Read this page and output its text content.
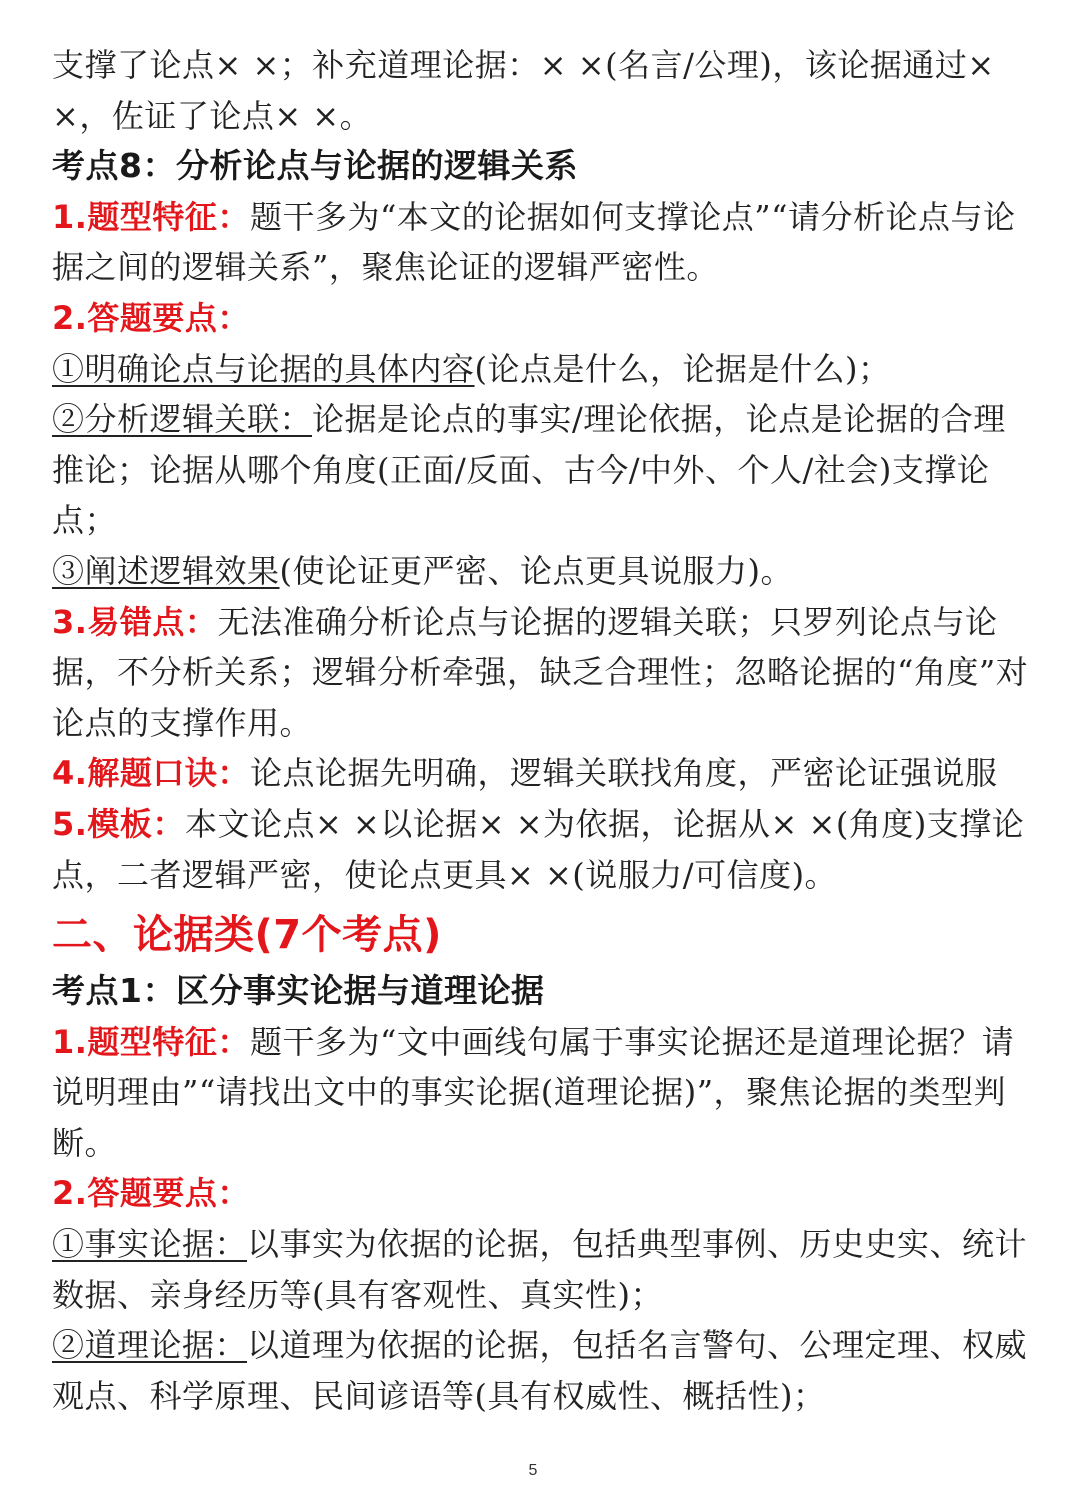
支撑了论点× ×；补充道理论据：× ×(名言/公理)，该论据通过× ×，佐证了论点× ×。

考点8：分析论点与论据的逻辑关系

1.题型特征：题干多为“本文的论据如何支撑论点”“请分析论点与论据之间的逻辑关系”，聚焦论证的逻辑严密性。

2.答题要点：

①明确论点与论据的具体内容(论点是什么，论据是什么)；

②分析逻辑关联：论据是论点的事实/理论依据，论点是论据的合理推论；论据从哪个角度(正面/反面、古今/中外、个人/社会)支撑论点；

③阐述逻辑效果(使论证更严密、论点更具说服力)。

3.易错点：无法准确分析论点与论据的逻辑关联；只罗列论点与论据，不分析关系；逻辑分析牵强，缺乏合理性；忽略论据的“角度”对论点的支撑作用。

4.解题口诀：论点论据先明确，逻辑关联找角度，严密论证强说服

5.模板：本文论点× ×以论据× ×为依据，论据从× ×(角度)支撑论点，二者逻辑严密，使论点更具× ×(说服力/可信度)。

二、论据类(7个考点)

考点1：区分事实论据与道理论据

1.题型特征：题干多为“文中画线句属于事实论据还是道理论据？请说明理由”“请找出文中的事实论据(道理论据)”，聚焦论据的类型判断。

2.答题要点：

①事实论据：以事实为依据的论据，包括典型事例、历史史实、统计数据、亲身经历等(具有客观性、真实性)；

②道理论据：以道理为依据的论据，包括名言警句、公理定理、权威观点、科学原理、民间谚语等(具有权威性、概括性)；

5
